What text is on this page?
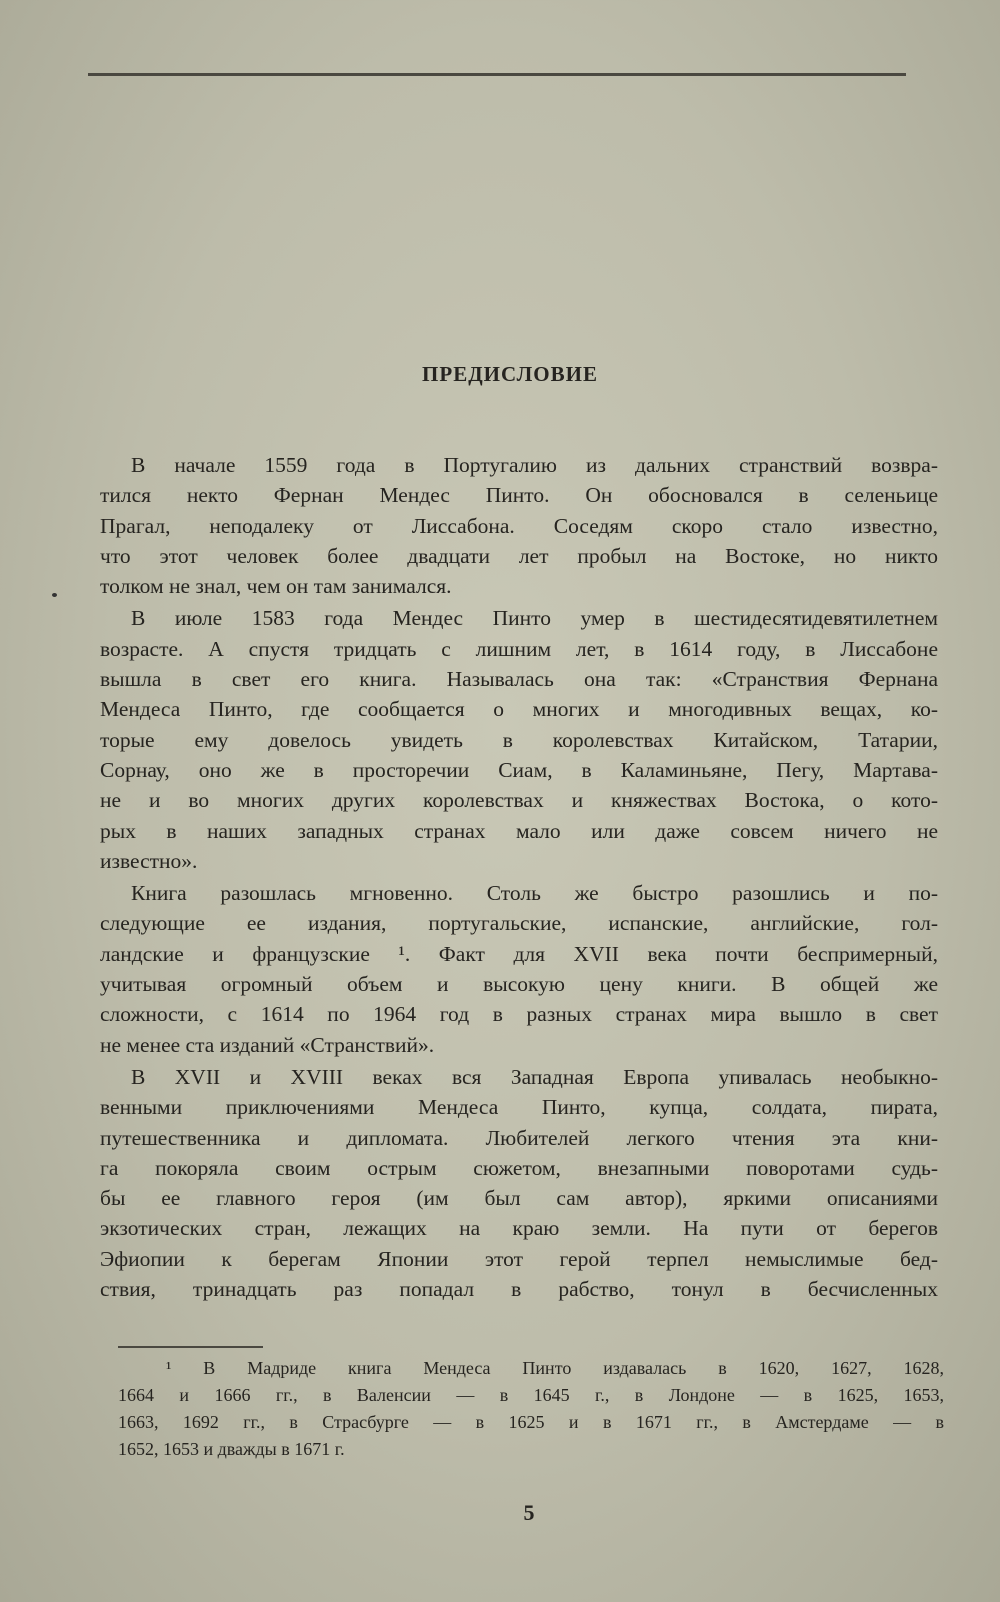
ПРЕДИСЛОВИЕ
В начале 1559 года в Португалию из дальних странствий возвра-
тился некто Фернан Мендес Пинто. Он обосновался в селеньице
Прагал, неподалеку от Лиссабона. Соседям скоро стало известно,
что этот человек более двадцати лет пробыл на Востоке, но никто
толком не знал, чем он там занимался.
В июле 1583 года Мендес Пинто умер в шестидесятидевятилетнем
возрасте. А спустя тридцать с лишним лет, в 1614 году, в Лиссабоне
вышла в свет его книга. Называлась она так: «Странствия Фернана
Мендеса Пинто, где сообщается о многих и многодивных вещах, ко-
торые ему довелось увидеть в королевствах Китайском, Татарии,
Сорнау, оно же в просторечии Сиам, в Каламиньяне, Пегу, Мартава-
не и во многих других королевствах и княжествах Востока, о кото-
рых в наших западных странах мало или даже совсем ничего не
известно».
Книга разошлась мгновенно. Столь же быстро разошлись и по-
следующие ее издания, португальские, испанские, английские, гол-
ландские и французские ¹. Факт для XVII века почти беспримерный,
учитывая огромный объем и высокую цену книги. В общей же
сложности, с 1614 по 1964 год в разных странах мира вышло в свет
не менее ста изданий «Странствий».
В XVII и XVIII веках вся Западная Европа упивалась необыкно-
венными приключениями Мендеса Пинто, купца, солдата, пирата,
путешественника и дипломата. Любителей легкого чтения эта кни-
га покоряла своим острым сюжетом, внезапными поворотами судь-
бы ее главного героя (им был сам автор), яркими описаниями
экзотических стран, лежащих на краю земли. На пути от берегов
Эфиопии к берегам Японии этот герой терпел немыслимые бед-
ствия, тринадцать раз попадал в рабство, тонул в бесчисленных
¹ В Мадриде книга Мендеса Пинто издавалась в 1620, 1627, 1628,
1664 и 1666 гг., в Валенсии — в 1645 г., в Лондоне — в 1625, 1653,
1663, 1692 гг., в Страсбурге — в 1625 и в 1671 гг., в Амстердаме — в
1652, 1653 и дважды в 1671 г.
5
